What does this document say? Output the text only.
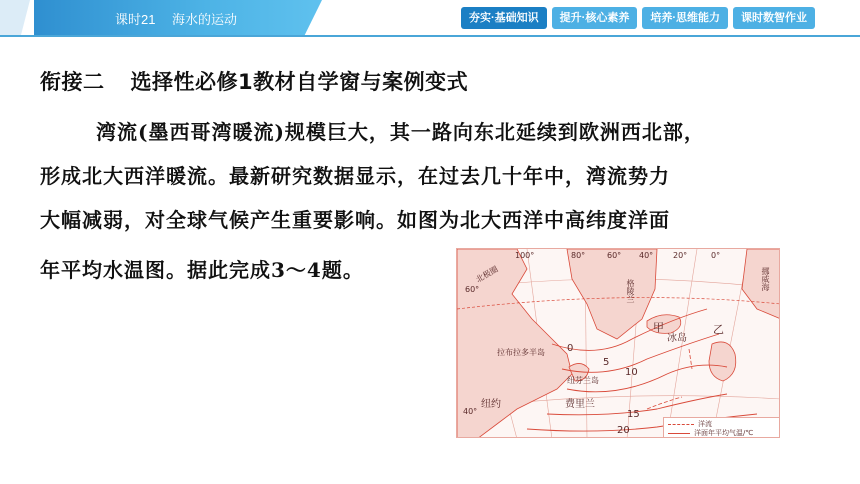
课时21 海水的运动	夯实·基础知识	提升·核心素养	培养·思维能力	课时数智作业
衔接二 选择性必修1教材自学窗与案例变式
湾流(墨西哥湾暖流)规模巨大，其一路向东北延续到欧洲西北部，
形成北大西洋暖流。最新研究数据显示，在过去几十年中，湾流势力
大幅减弱，对全球气候产生重要影响。如图为北大西洋中高纬度洋面
年平均水温图。据此完成3～4题。
100°	80°	60° 40° 20°	0°
60°
40°
格陵兰	挪威海
拉布拉多半岛
纽芬兰岛
费里兰
纽约
冰岛
甲	乙
北极圈
0
5
10
15
20
洋流
洋面年平均气温/℃
